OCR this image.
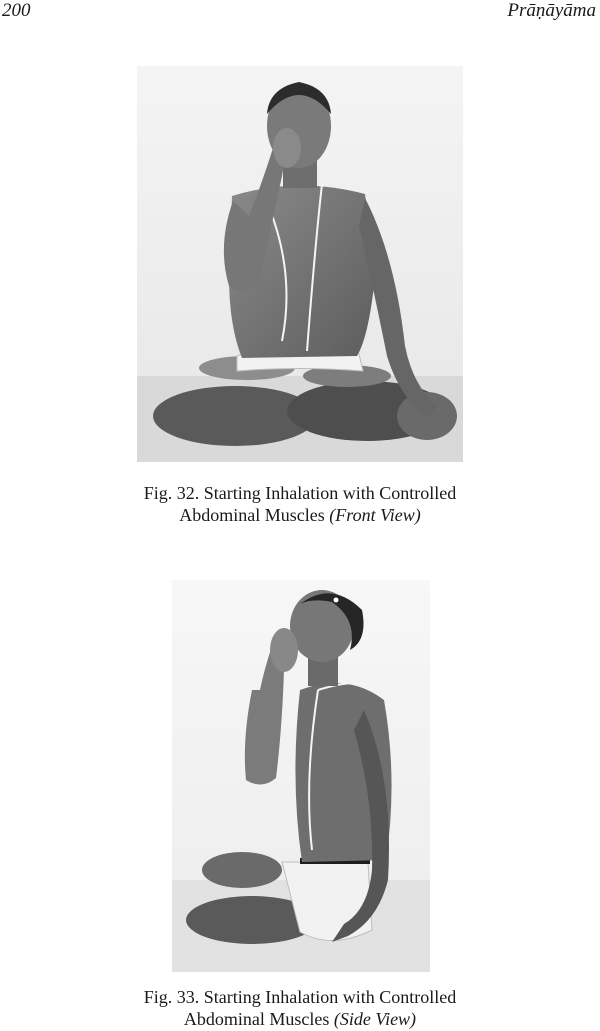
200	Prāṇāyāma
Fig. 32. Starting Inhalation with Controlled
Abdominal Muscles (Front View)
Fig. 33. Starting Inhalation with Controlled
Abdominal Muscles (Side View)
